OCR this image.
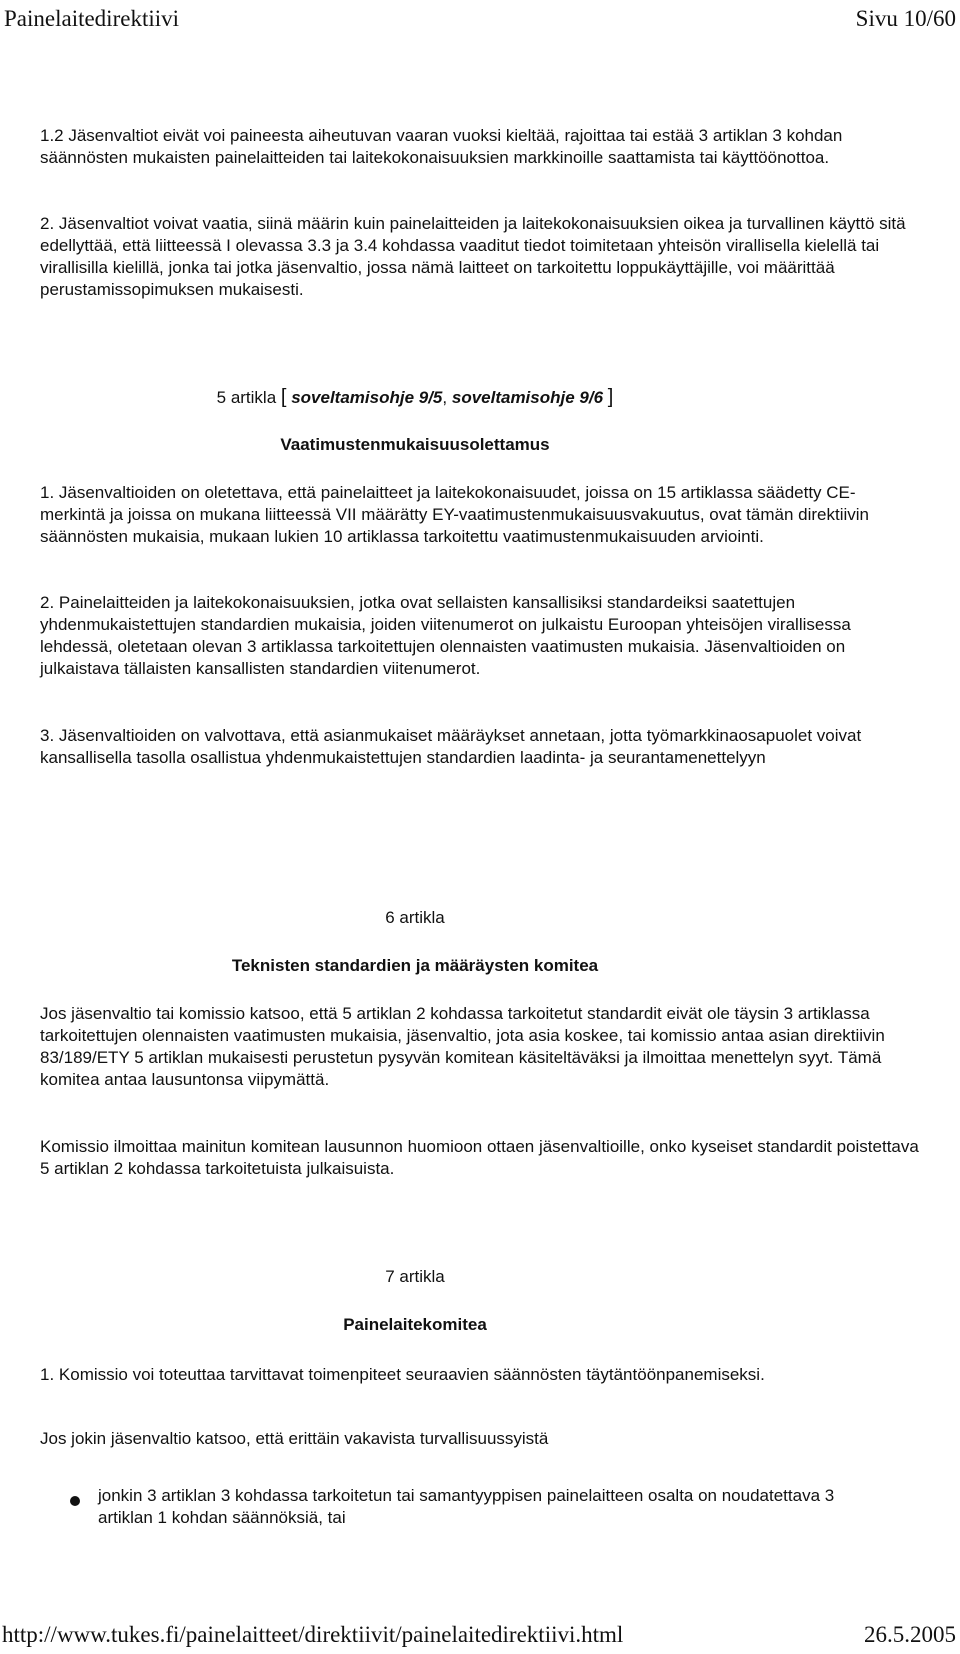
Painelaitedirektiivi	Sivu 10/60
1.2 Jäsenvaltiot eivät voi paineesta aiheutuvan vaaran vuoksi kieltää, rajoittaa tai estää 3 artiklan 3 kohdan säännösten mukaisten painelaitteiden tai laitekokonaisuuksien markkinoille saattamista tai käyttöönottoa.
2. Jäsenvaltiot voivat vaatia, siinä määrin kuin painelaitteiden ja laitekokonaisuuksien oikea ja turvallinen käyttö sitä edellyttää, että liitteessä I olevassa 3.3 ja 3.4 kohdassa vaaditut tiedot toimitetaan yhteisön virallisella kielellä tai virallisilla kielillä, jonka tai jotka jäsenvaltio, jossa nämä laitteet on tarkoitettu loppukäyttäjille, voi määrittää perustamissopimuksen mukaisesti.
5 artikla [ soveltamisohje 9/5, soveltamisohje 9/6 ]
Vaatimustenmukaisuusolettamus
1. Jäsenvaltioiden on oletettava, että painelaitteet ja laitekokonaisuudet, joissa on 15 artiklassa säädetty CE-merkintä ja joissa on mukana liitteessä VII määrätty EY-vaatimustenmukaisuusvakuutus, ovat tämän direktiivin säännösten mukaisia, mukaan lukien 10 artiklassa tarkoitettu vaatimustenmukaisuuden arviointi.
2. Painelaitteiden ja laitekokonaisuuksien, jotka ovat sellaisten kansallisiksi standardeiksi saatettujen yhdenmukaistettujen standardien mukaisia, joiden viitenumerot on julkaistu Euroopan yhteisöjen virallisessa lehdessä, oletetaan olevan 3 artiklassa tarkoitettujen olennaisten vaatimusten mukaisia. Jäsenvaltioiden on julkaistava tällaisten kansallisten standardien viitenumerot.
3. Jäsenvaltioiden on valvottava, että asianmukaiset määräykset annetaan, jotta työmarkkinaosapuolet voivat kansallisella tasolla osallistua yhdenmukaistettujen standardien laadinta- ja seurantamenettelyyn
6 artikla
Teknisten standardien ja määräysten komitea
Jos jäsenvaltio tai komissio katsoo, että 5 artiklan 2 kohdassa tarkoitetut standardit eivät ole täysin 3 artiklassa tarkoitettujen olennaisten vaatimusten mukaisia, jäsenvaltio, jota asia koskee, tai komissio antaa asian direktiivin 83/189/ETY 5 artiklan mukaisesti perustetun pysyvän komitean käsiteltäväksi ja ilmoittaa menettelyn syyt. Tämä komitea antaa lausuntonsa viipymättä.
Komissio ilmoittaa mainitun komitean lausunnon huomioon ottaen jäsenvaltioille, onko kyseiset standardit poistettava 5 artiklan 2 kohdassa tarkoitetuista julkaisuista.
7 artikla
Painelaitekomitea
1. Komissio voi toteuttaa tarvittavat toimenpiteet seuraavien säännösten täytäntöönpanemiseksi.
Jos jokin jäsenvaltio katsoo, että erittäin vakavista turvallisuussyistä
jonkin 3 artiklan 3 kohdassa tarkoitetun tai samantyyppisen painelaitteen osalta on noudatettava 3 artiklan 1 kohdan säännöksiä, tai
http://www.tukes.fi/painelaitteet/direktiivit/painelaitedirektiivi.html	26.5.2005
